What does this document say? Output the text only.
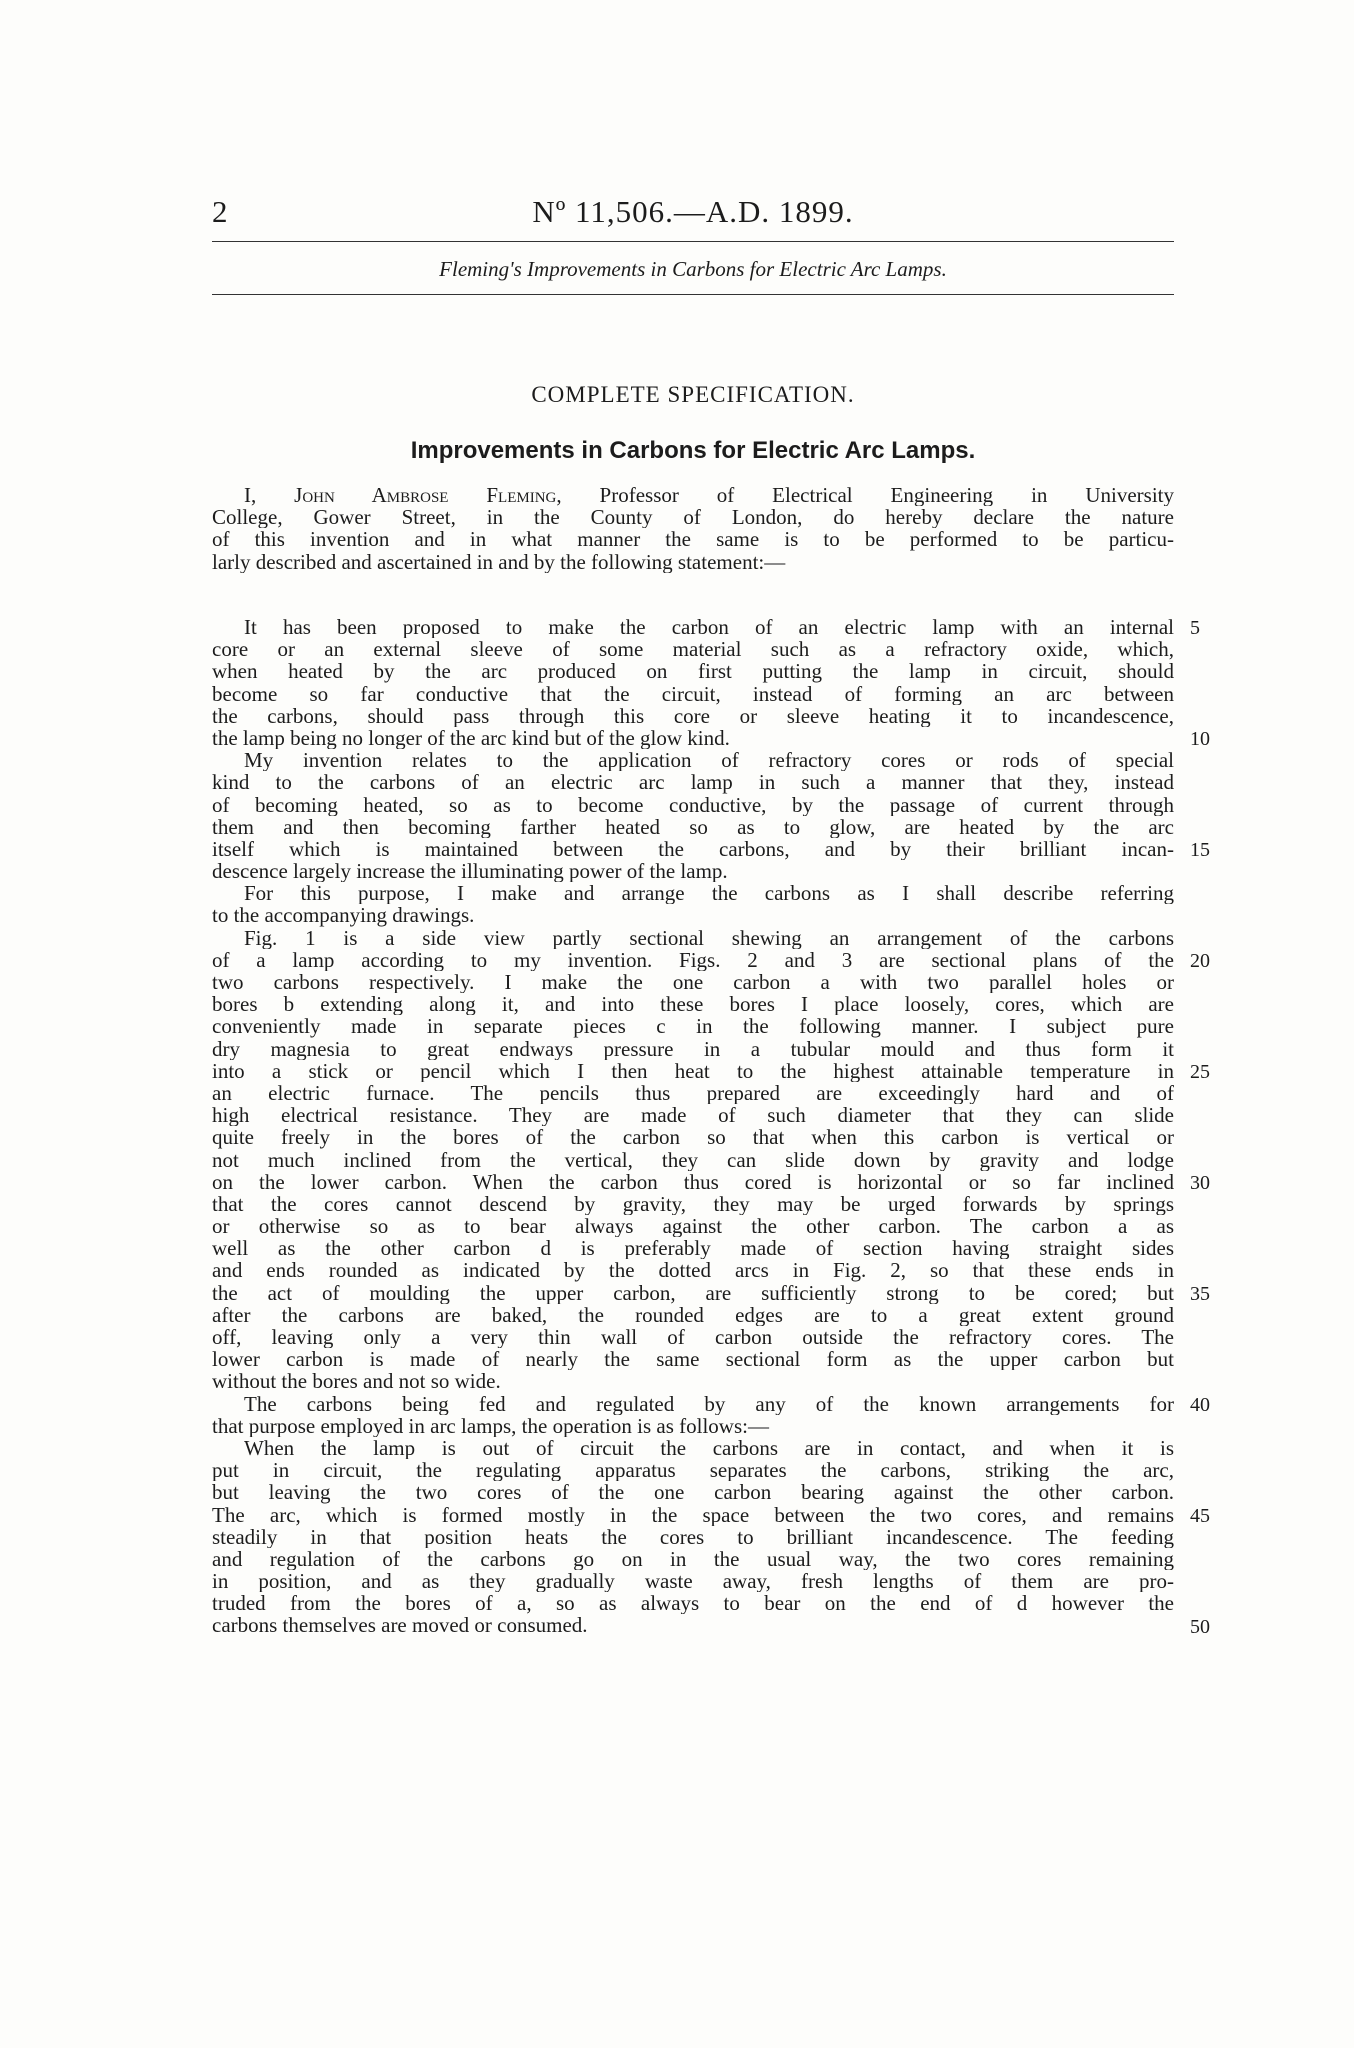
2	Nº 11,506.—A.D. 1899.
Fleming's Improvements in Carbons for Electric Arc Lamps.
COMPLETE SPECIFICATION.
Improvements in Carbons for Electric Arc Lamps.
I, John Ambrose Fleming, Professor of Electrical Engineering in University
College, Gower Street, in the County of London, do hereby declare the nature
of this invention and in what manner the same is to be performed to be particu-
larly described and ascertained in and by the following statement:—
It has been proposed to make the carbon of an electric lamp with an internal
core or an external sleeve of some material such as a refractory oxide, which,
when heated by the arc produced on first putting the lamp in circuit, should
become so far conductive that the circuit, instead of forming an arc between
the carbons, should pass through this core or sleeve heating it to incandescence,
the lamp being no longer of the arc kind but of the glow kind.
My invention relates to the application of refractory cores or rods of special
kind to the carbons of an electric arc lamp in such a manner that they, instead
of becoming heated, so as to become conductive, by the passage of current through
them and then becoming farther heated so as to glow, are heated by the arc
itself which is maintained between the carbons, and by their brilliant incan-
descence largely increase the illuminating power of the lamp.
For this purpose, I make and arrange the carbons as I shall describe referring
to the accompanying drawings.
Fig. 1 is a side view partly sectional shewing an arrangement of the carbons
of a lamp according to my invention. Figs. 2 and 3 are sectional plans of the
two carbons respectively. I make the one carbon a with two parallel holes or
bores b extending along it, and into these bores I place loosely, cores, which are
conveniently made in separate pieces c in the following manner. I subject pure
dry magnesia to great endways pressure in a tubular mould and thus form it
into a stick or pencil which I then heat to the highest attainable temperature in
an electric furnace. The pencils thus prepared are exceedingly hard and of
high electrical resistance. They are made of such diameter that they can slide
quite freely in the bores of the carbon so that when this carbon is vertical or
not much inclined from the vertical, they can slide down by gravity and lodge
on the lower carbon. When the carbon thus cored is horizontal or so far inclined
that the cores cannot descend by gravity, they may be urged forwards by springs
or otherwise so as to bear always against the other carbon. The carbon a as
well as the other carbon d is preferably made of section having straight sides
and ends rounded as indicated by the dotted arcs in Fig. 2, so that these ends in
the act of moulding the upper carbon, are sufficiently strong to be cored; but
after the carbons are baked, the rounded edges are to a great extent ground
off, leaving only a very thin wall of carbon outside the refractory cores. The
lower carbon is made of nearly the same sectional form as the upper carbon but
without the bores and not so wide.
The carbons being fed and regulated by any of the known arrangements for
that purpose employed in arc lamps, the operation is as follows:—
When the lamp is out of circuit the carbons are in contact, and when it is
put in circuit, the regulating apparatus separates the carbons, striking the arc,
but leaving the two cores of the one carbon bearing against the other carbon.
The arc, which is formed mostly in the space between the two cores, and remains
steadily in that position heats the cores to brilliant incandescence. The feeding
and regulation of the carbons go on in the usual way, the two cores remaining
in position, and as they gradually waste away, fresh lengths of them are pro-
truded from the bores of a, so as always to bear on the end of d however the
carbons themselves are moved or consumed.
5
10
15
20
25
30
35
40
45
50
